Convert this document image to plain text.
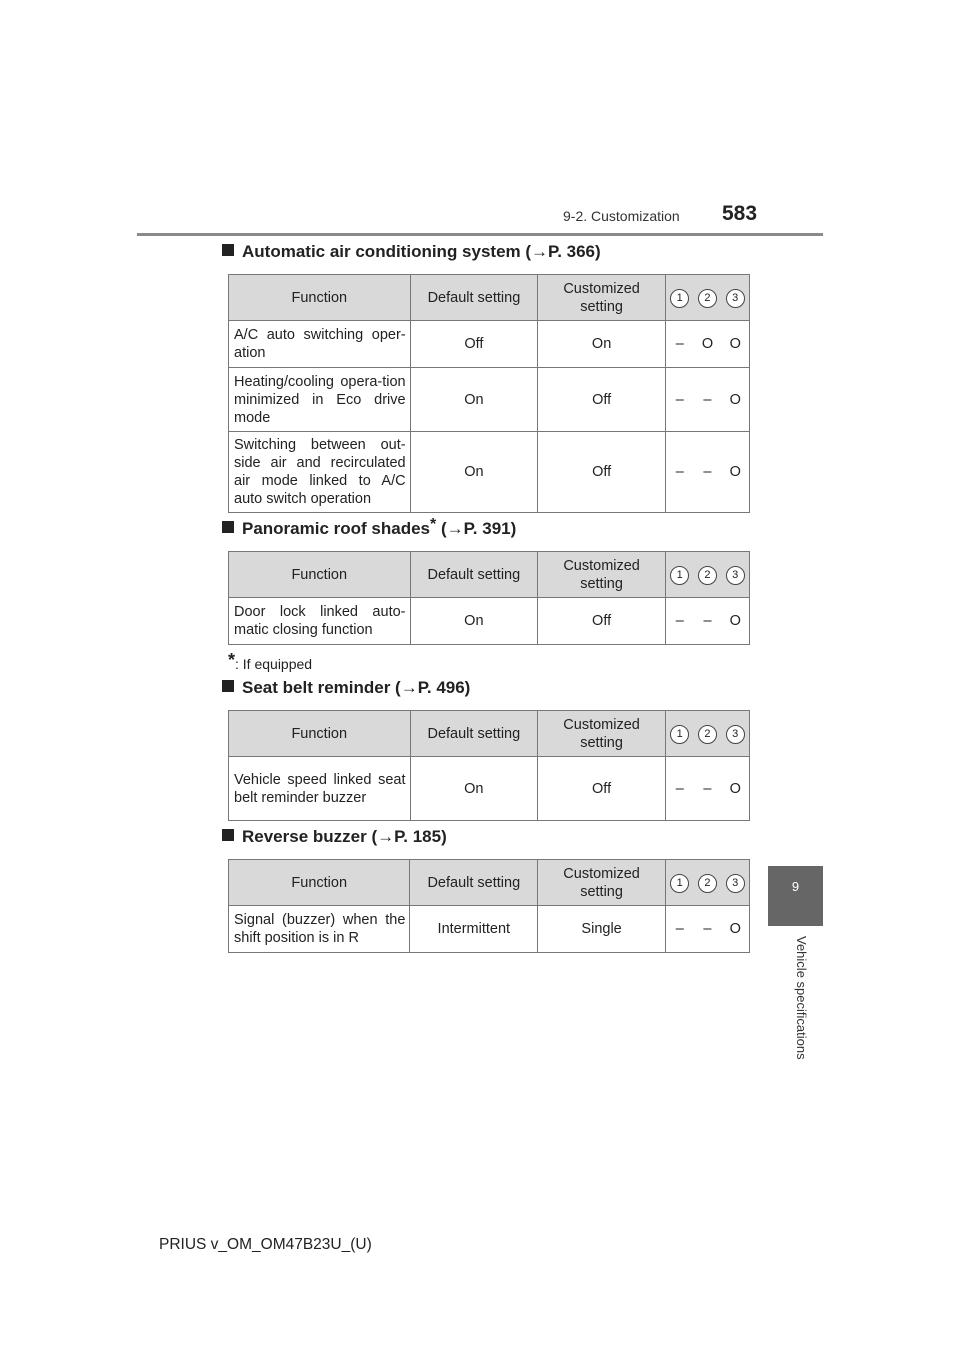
9-2. Customization 583
9
Vehicle specifications
Automatic air conditioning system (→P. 366)
Function	Default setting	Customized setting	1	2	3
A/C auto switching oper-ation	Off	On	–	O	O
Heating/cooling opera-tion minimized in Eco drive mode	On	Off	–	–	O
Switching between out-side air and recirculated air mode linked to A/C auto switch operation	On	Off	–	–	O
Panoramic roof shades* (→P. 391)
Function	Default setting	Customized setting	1	2	3
Door lock linked auto-matic closing function	On	Off	–	–	O
*: If equipped
Seat belt reminder (→P. 496)
Function	Default setting	Customized setting	1	2	3
Vehicle speed linked seat belt reminder buzzer	On	Off	–	–	O
Reverse buzzer (→P. 185)
Function	Default setting	Customized setting	1	2	3
Signal (buzzer) when the shift position is in R	Intermittent	Single	–	–	O
PRIUS v_OM_OM47B23U_(U)
